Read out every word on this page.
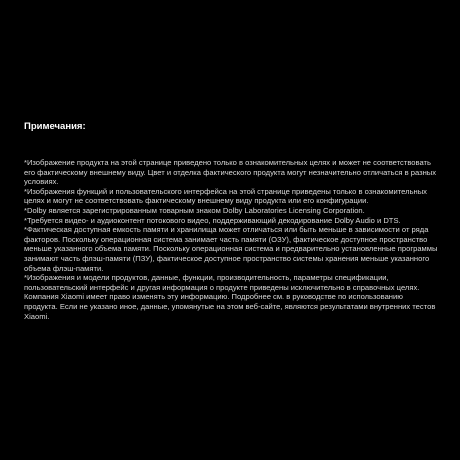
Примечания:

*Изображение продукта на этой странице приведено только в ознакомительных целях и может не соответствовать его фактическому внешнему виду. Цвет и отделка фактического продукта могут незначительно отличаться в разных условиях.

*Изображения функций и пользовательского интерфейса на этой странице приведены только в ознакомительных целях и могут не соответствовать фактическому внешнему виду продукта или его конфигурации.

*Dolby является зарегистрированным товарным знаком Dolby Laboratories Licensing Corporation.

*Требуется видео- и аудиоконтент потокового видео, поддерживающий декодирование Dolby Audio и DTS.

*Фактическая доступная емкость памяти и хранилища может отличаться или быть меньше в зависимости от ряда факторов. Поскольку операционная система занимает часть памяти (ОЗУ), фактическое доступное пространство меньше указанного объема памяти. Поскольку операционная система и предварительно установленные программы занимают часть флэш-памяти (ПЗУ), фактическое доступное пространство системы хранения меньше указанного объема флэш-памяти.

*Изображения и модели продуктов, данные, функции, производительность, параметры спецификации, пользовательский интерфейс и другая информация о продукте приведены исключительно в справочных целях. Компания Xiaomi имеет право изменять эту информацию. Подробнее см. в руководстве по использованию продукта. Если не указано иное, данные, упомянутые на этом веб-сайте, являются результатами внутренних тестов Xiaomi.
